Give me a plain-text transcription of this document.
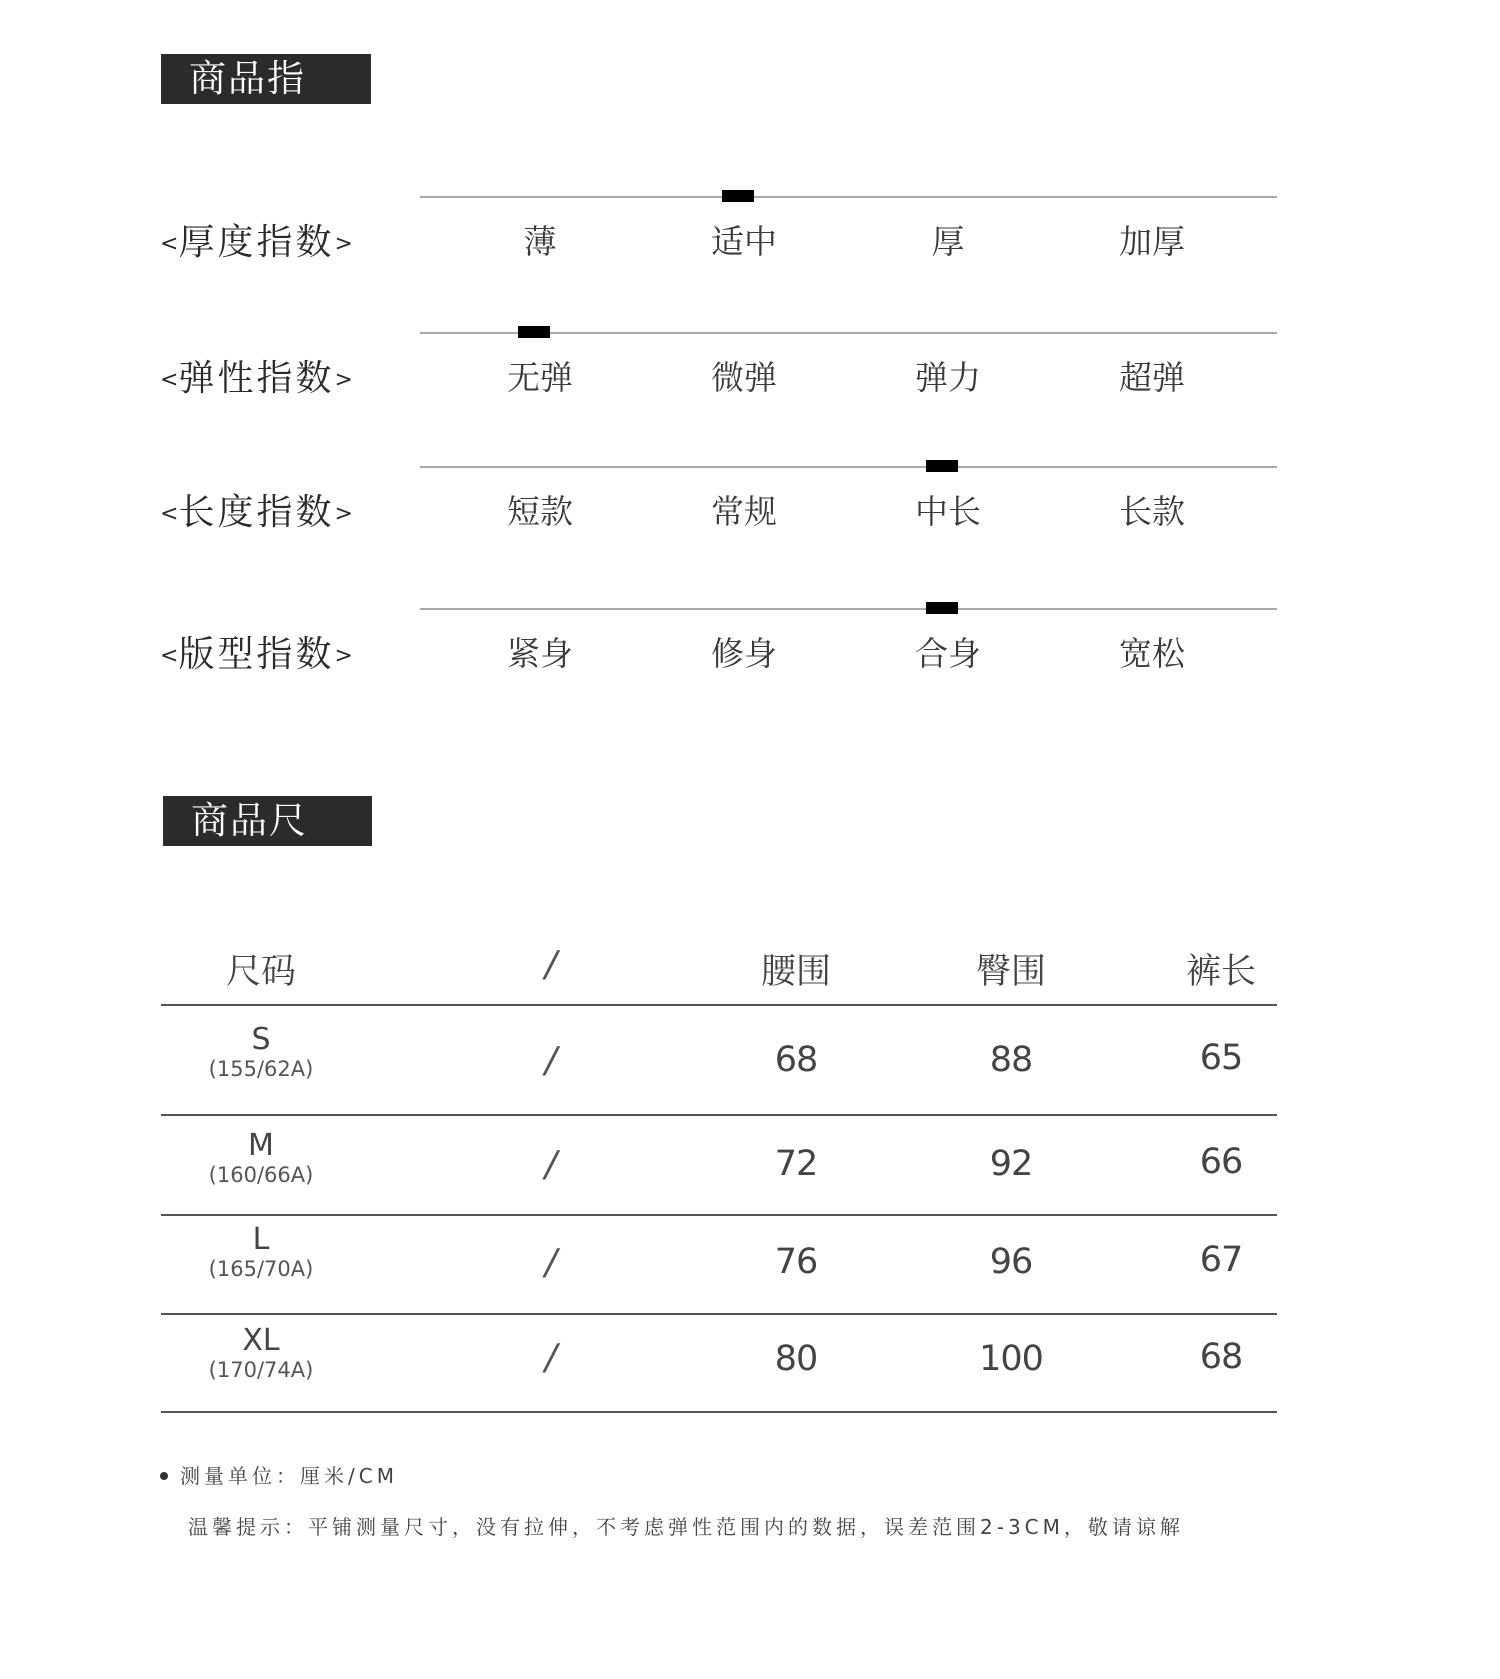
商品指数
<厚度指数>	薄	适中	厚	加厚
<弹性指数>	无弹	微弹	弹力	超弹
<长度指数>	短款	常规	中长	长款
<版型指数>	紧身	修身	合身	宽松
商品尺寸
尺码	/	腰围	臀围	裤长
S
(155/62A)	/	68	88	65
M
(160/66A)	/	72	92	66
L
(165/70A)	/	76	96	67
XL
(170/74A)	/	80	100	68
测量单位：厘米/CM
温馨提示：平铺测量尺寸，没有拉伸，不考虑弹性范围内的数据，误差范围2-3CM，敬请谅解
